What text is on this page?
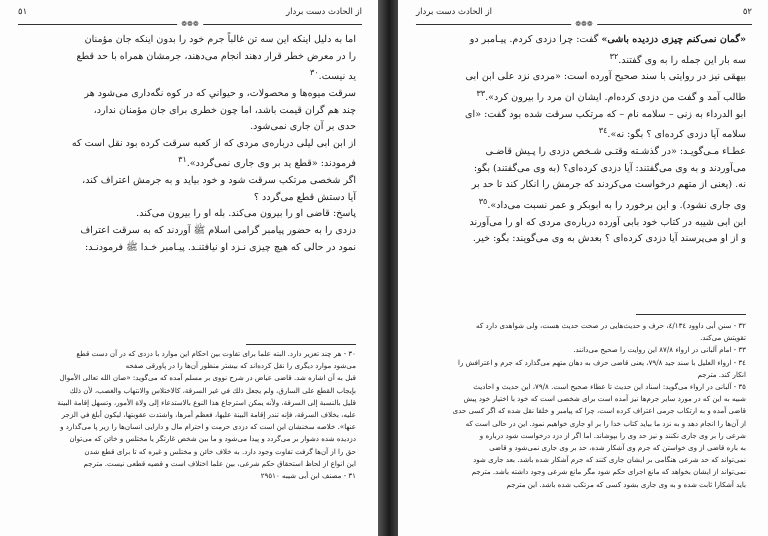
از الحادث دست بردار
٥١
❁❁❁

اما به دلیل اینکه این سه تن غالباً جرم خود را بدون اینکه جان مؤمنان

را در معرض خطر قرار دهند انجام می‌دهند، جرمشان همراه با حد قطع

ید نیست.$^{٣٠}$

سرقت میوه‌ها و محصولات، و حیواني که در کوه نگه‌داری می‌شود هر

چند هم گران قیمت باشد، اما چون خطری برای جان مؤمنان ندارد،

حدی بر آن جاری نمی‌شود.

از ابن ابی لیلی درباره‌ی مردی که از کعبه سرقت کرده بود نقل است که

فرمودند: «قطع ید بر وی جاری نمی‌گردد».$^{٣١}$

اگر شخصی مرتکب سرقت شود و خود بیاید و به جرمش اعتراف کند،

آیا دستش قطع می‌گردد ؟

پاسخ: قاضی او را بیرون می‌کند. بله او را بیرون می‌کند.

دزدی را به حضور پیامبر گرامی اسلام ﷺ آوردند که به سرقت اعتراف

نمود در حالی که هیچ چیزی نـزد او نیافتنـد. پیـامبر خـدا ﷺ فرمودنـد:

٣٠ - هر چند تعزیر دارد. البته علما برای تفاوت بین احکام این موارد با دزدی که در آن دست قطع

می‌شود موارد دیگری را نقل کرده‌اند که بیشتر منظور آن‌ها را در پاورقی صفحه

قبل به آن اشاره شد. قاضی عیاض در شرح نووی بر مسلم آمده که می‌گوید: «صان الله تعالى الأموال

بإيجاب القطع على السارق، ولم يجعل ذلك في غير السرقة، كالاختلاس والانتهاب والغصب، لأن ذلك

قليل بالنسبة إلى السرقة، ولأنه يمكن استرجاع هذا النوع بالاستدعاء إلى ولاة الأمور، وتسهل إقامة البينة

عليه، بخلاف السرقة، فإنه تندر إقامة البينة عليها، فعظم أمرها، واشتدت عقوبتها، ليكون أبلغ في الزجر

عنها». خلاصه سخنشان این است که دزدی حرمت و احترام مال و دارایی انسان‌ها را زیر پا می‌گذارد و

دزدیده شده دشوار بر می‌گردد و پیدا می‌شود و ما بین شخص غارتگر یا مختلس و خائن که می‌توان

حق را از آن‌ها گرفت تفاوت وجود دارد. به خلاف خائن و مختلس و غیره که تا برای قطع شدن

این انواع از لحاظ استحقاق حکم شرعی، بین علما اختلاف است و قضیه قطعی نیست. مترجم

٣١ - مصنف ابن أبی شیبه ٢٩٥١٠

٥٢
از الحادث دست بردار
❁❁❁

«گمان نمی‌کنم چیزی دزدیده باشی» گفت: چرا دزدی کردم. پیـامبر دو

سه بار این جمله را به وی گفتند.$^{٣٢}$

بیهقی نیز در روایتی با سند صحیح آورده است: «مردی نزد علی ابن ابی

طالب آمد و گفت من دزدی کرده‌ام. ایشان ان مرد را بیرون کرد».$^{٣٣}$

ابو الدرداء به زنی – سلامه نام – که مرتکب سرقت شده بود گفت: «ای

سلامه آیا دزدی کرده‌ای ؟ بگو: نه».$^{٣٤}$

عطـاء مـی‌گویـد: «در گذشـته وقتـی شـخص دزدی را پـیش قاضـی

می‌آوردند و به وی می‌گفتند: آیا دزدی کرده‌ای؟ (به وی می‌گفتند) بگو:

نه. (یعنی از متهم درخواست می‌کردند که جرمش را انکار کند تا حد بر

وی جاری نشود). و این برخورد را به ابوبکر و عمر نسبت می‌داد».$^{٣٥}$

ابن ابی شیبه در کتاب خود بابی آورده درباره‌ی مردی که او را می‌آورند

و از او می‌پرسند آیا دزدی کرده‌ای ؟ بعدش به وی می‌گویند: بگو: خیر.

٣٢ - سنن أبی داوود ٤/١٣٤، حرف و حدیث‌هایی در صحت حدیث هست، ولی شواهدی دارد که

تقویتش می‌کند.

٣٣ - امام آلبانی در ارواء ٨٧/٨ این روایت را صحیح می‌دانند.

٣٤ - ارواء العلیل با سند جید ٧٩/٨، یعنی قاضی حرف به دهان متهم می‌گذارد که جرم و اعترافش را

انکار کند. مترجم

٣٥ - آلبانی در ارواء می‌گوید: اسناد این حدیث تا عطاء صحیح است. ٧٩/٨، این حدیث و احادیث

شبیه به این که در مورد سایر جرم‌ها نیز آمده است برای شخصی است که خود با اختیار خود پیش

قاضی آمده و به ارتکاب جرمی اعتراف کرده است، چرا که پیامبر و خلفا نقل شده که اگر کسی حدی

از آن‌ها را انجام دهد و به نزد ما بیاید کتاب خدا را بر او جاری خواهیم نمود. این در حالی است که

شرعی را بر وی جاری نکنند و نیز حد وی را بپوشاند. اما اگر از دزد درخواست شود درباره و

به باره قاضی از وی خواستن که جرم وی آشکار شده، حد بر وی جاری نمی‌شود و قاضی

نمی‌تواند که حد شرعی هنگامی بر ایشان جاری کنند که جرم آشکار شده باشد. بعد جاری شود

نمی‌تواند از ایشان بخواهد که مانع اجرای حکم شود مگر مانع شرعی وجود داشته باشد. مترجم

باید آشکارا ثابت شده و به وی جاری بشود کسی که مرتکب شده باشد. این مترجم
